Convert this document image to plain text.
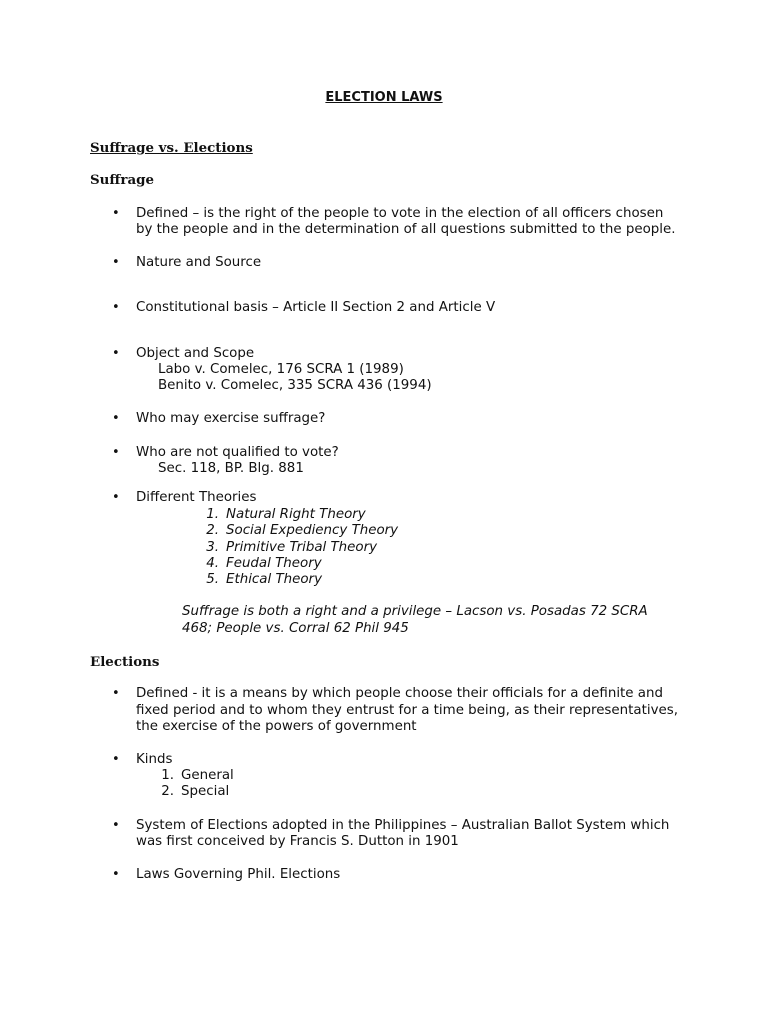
ELECTION LAWS
Suffrage vs. Elections
Suffrage
• Defined – is the right of the people to vote in the election of all officers chosen
by the people and in the determination of all questions submitted to the people.
• Nature and Source
• Constitutional basis – Article II Section 2 and Article V
• Object and Scope
Labo v. Comelec, 176 SCRA 1 (1989)
Benito v. Comelec, 335 SCRA 436 (1994)
• Who may exercise suffrage?
• Who are not qualified to vote?
Sec. 118, BP. Blg. 881
• Different Theories
1. Natural Right Theory
2. Social Expediency Theory
3. Primitive Tribal Theory
4. Feudal Theory
5. Ethical Theory
Suffrage is both a right and a privilege – Lacson vs. Posadas 72 SCRA
468; People vs. Corral 62 Phil 945
Elections
• Defined - it is a means by which people choose their officials for a definite and
fixed period and to whom they entrust for a time being, as their representatives,
the exercise of the powers of government
• Kinds
1. General
2. Special
• System of Elections adopted in the Philippines – Australian Ballot System which
was first conceived by Francis S. Dutton in 1901
• Laws Governing Phil. Elections
